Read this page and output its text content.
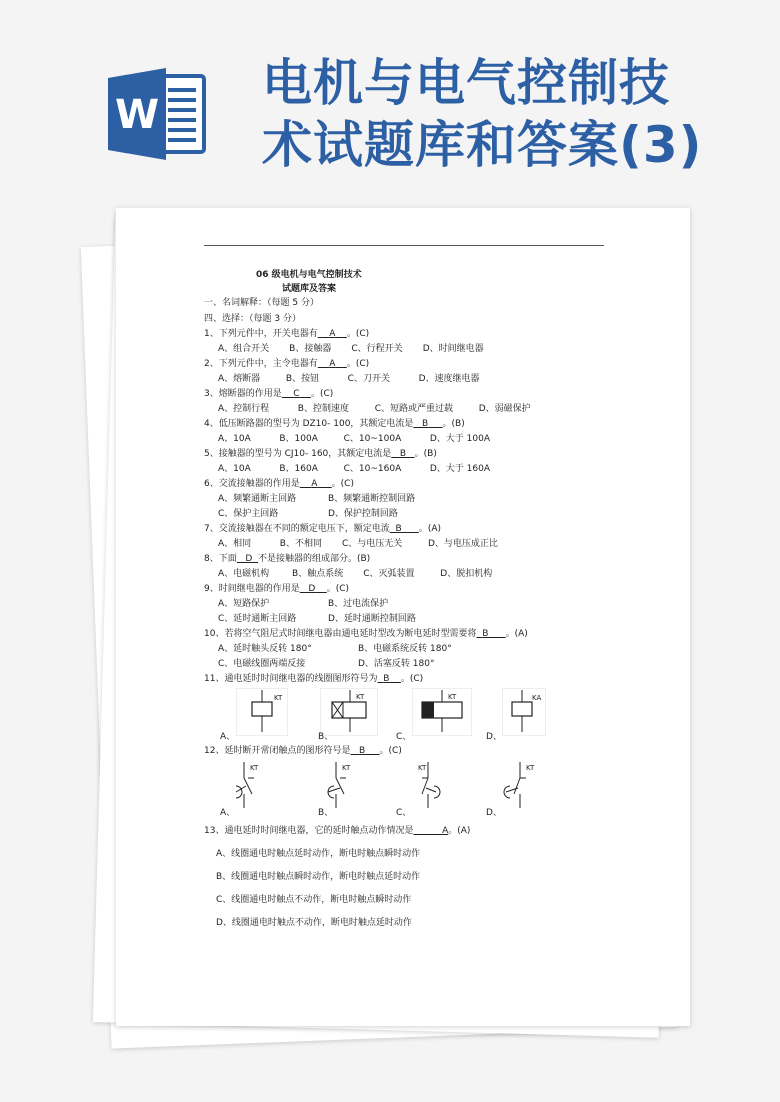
W
电机与电气控制技
术试题库和答案(3)
06 级电机与电气控制技术
试题库及答案
一、名词解释：（每题 5 分）
四、选择：（每题 3 分）
1、下列元件中，开关电器有 A 。(C)
A、组合开关       B、接触器       C、行程开关       D、时间继电器
2、下列元件中，主令电器有 A 。(C)
A、熔断器         B、按钮          C、刀开关          D、速度继电器
3、熔断器的作用是 C 。(C)
A、控制行程          B、控制速度         C、短路或严重过载         D、弱磁保护
4、低压断路器的型号为 DZ10- 100，其额定电流是 B 。(B)
A、10A          B、100A         C、10~100A          D、大于 100A
5、接触器的型号为 CJ10- 160，其额定电流是 B 。(B)
A、10A          B、160A         C、10~160A          D、大于 160A
6、交流接触器的作用是 A 。(C)
A、频繁通断主回路	B、频繁通断控制回路
C、保护主回路	D、保护控制回路
7、交流接触器在不同的额定电压下，额定电流 B 。(A)
A、相同          B、不相同       C、与电压无关         D、与电压成正比
8、下面 D 不是接触器的组成部分。(B)
A、电磁机构        B、触点系统       C、灭弧装置         D、脱扣机构
9、时间继电器的作用是 D 。(C)
A、短路保护	B、过电流保护
C、延时通断主回路	D、延时通断控制回路
10、若将空气阻尼式时间继电器由通电延时型改为断电延时型需要将 B 。(A)
A、延时触头反转 180°	B、电磁系统反转 180°
C、电磁线圈两端反接	D、活塞反转 180°
11、通电延时时间继电器的线圈图形符号为 B 。(C)
KT
A、
KT
B、
KT
C、
KA
D、
12、延时断开常闭触点的图形符号是 B 。(C)
KT
A、
KT
B、
KT
C、
KT
D、
13、通电延时时间继电器，它的延时触点动作情况是	A。(A)
A、线圈通电时触点延时动作，断电时触点瞬时动作
B、线圈通电时触点瞬时动作，断电时触点延时动作
C、线圈通电时触点不动作，断电时触点瞬时动作
D、线圈通电时触点不动作，断电时触点延时动作
